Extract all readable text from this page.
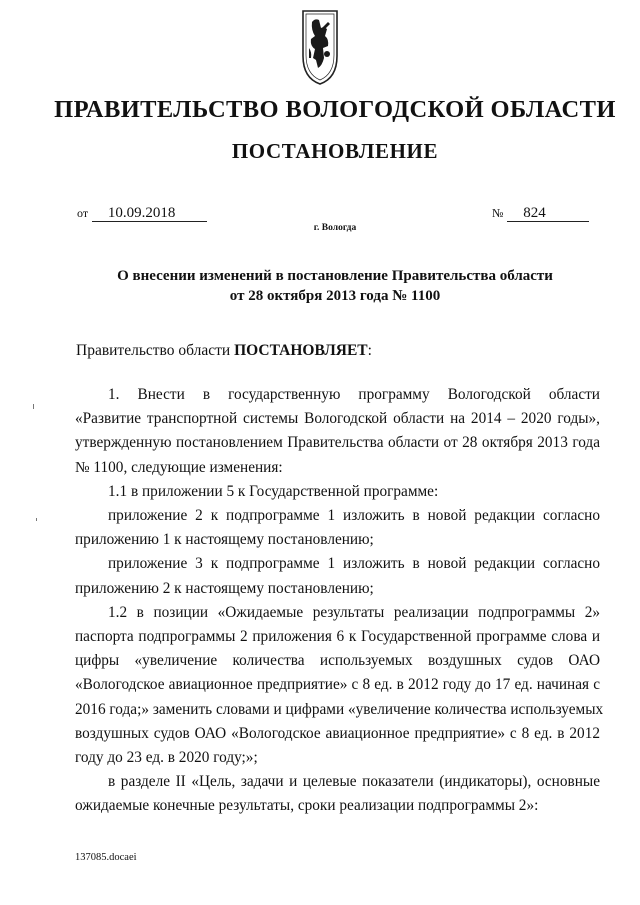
ПРАВИТЕЛЬСТВО ВОЛОГОДСКОЙ ОБЛАСТИ
ПОСТАНОВЛЕНИЕ
от 10.09.2018	№ 824
г. Вологда
О внесении изменений в постановление Правительства области
от 28 октября 2013 года № 1100
Правительство области ПОСТАНОВЛЯЕТ:

1. Внести в государственную программу Вологодской области

«Развитие транспортной системы Вологодской области на 2014 – 2020 годы»,

утвержденную постановлением Правительства области от 28 октября 2013 года

№ 1100, следующие изменения:

1.1 в приложении 5 к Государственной программе:

приложение 2 к подпрограмме 1 изложить в новой редакции согласно

приложению 1 к настоящему постановлению;

приложение 3 к подпрограмме 1 изложить в новой редакции согласно

приложению 2 к настоящему постановлению;

1.2 в позиции «Ожидаемые результаты реализации подпрограммы 2»

паспорта подпрограммы 2 приложения 6 к Государственной программе слова и

цифры «увеличение количества используемых воздушных судов ОАО

«Вологодское авиационное предприятие» с 8 ед. в 2012 году до 17 ед. начиная с

2016 года;» заменить словами и цифрами «увеличение количества используемых

воздушных судов ОАО «Вологодское авиационное предприятие» с 8 ед. в 2012

году до 23 ед. в 2020 году;»;

в разделе II «Цель, задачи и целевые показатели (индикаторы), основные

ожидаемые конечные результаты, сроки реализации подпрограммы 2»:

137085.docaei
